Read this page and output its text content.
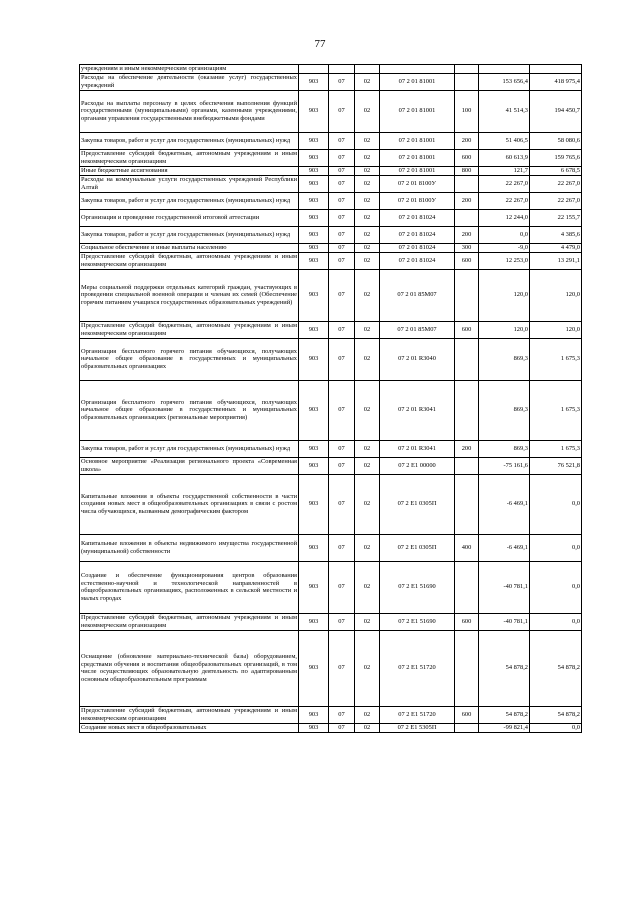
77
учреждениям и иным некоммерческим организациям							
Расходы на обеспечение деятельности (оказание услуг) государственных учреждений	903	07	02	07 2 01 81001		153 656,4	418 975,4
Расходы на выплаты персоналу в целях обеспечения выполнения функций государственными (муниципальными) органами, казенными учреждениями, органами управления государственными внебюджетными фондами	903	07	02	07 2 01 81001	100	41 514,3	194 450,7
Закупка товаров, работ и услуг для государственных (муниципальных) нужд	903	07	02	07 2 01 81001	200	51 406,5	58 080,6
Предоставление субсидий бюджетным, автономным учреждениям и иным некоммерческим организациям	903	07	02	07 2 01 81001	600	60 613,9	159 765,6
Иные бюджетные ассигнования	903	07	02	07 2 01 81001	800	121,7	6 678,5
Расходы на коммунальные услуги государственных учреждений Республики Алтай	903	07	02	07 2 01 8100У		22 267,0	22 267,0
Закупка товаров, работ и услуг для государственных (муниципальных) нужд	903	07	02	07 2 01 8100У	200	22 267,0	22 267,0
Организация и проведение государственной итоговой аттестации	903	07	02	07 2 01 81024		12 244,0	22 155,7
Закупка товаров, работ и услуг для государственных (муниципальных) нужд	903	07	02	07 2 01 81024	200	0,0	4 385,6
Социальное обеспечение и иные выплаты населению	903	07	02	07 2 01 81024	300	-9,0	4 479,0
Предоставление субсидий бюджетным, автономным учреждениям и иным некоммерческим организациям	903	07	02	07 2 01 81024	600	12 253,0	13 291,1
Меры социальной поддержки отдельных категорий граждан, участвующих в проведении специальной военной операции и членам их семей (Обеспечение горячим питанием учащихся государственных образовательных учреждений)	903	07	02	07 2 01 85М07		120,0	120,0
Предоставление субсидий бюджетным, автономным учреждениям и иным некоммерческим организациям	903	07	02	07 2 01 85М07	600	120,0	120,0
Организация бесплатного горячего питания обучающихся, получающих начальное общее образование в государственных и муниципальных образовательных организациях	903	07	02	07 2 01 R3040		869,3	1 675,3
Организация бесплатного горячего питания обучающихся, получающих начальное общее образование в государственных и муниципальных образовательных организациях (региональные мероприятия)	903	07	02	07 2 01 R3041		869,3	1 675,3
Закупка товаров, работ и услуг для государственных (муниципальных) нужд	903	07	02	07 2 01 R3041	200	869,3	1 675,3
Основное мероприятие «Реализация регионального проекта «Современная школа»	903	07	02	07 2 E1 00000		-75 161,6	76 521,8
Капитальные вложения в объекты государственной собственности в части создания новых мест в общеобразовательных организациях в связи с ростом числа обучающихся, вызванным демографическим фактором	903	07	02	07 2 E1 0305П		-6 469,1	0,0
Капитальные вложения в объекты недвижимого имущества государственной (муниципальной) собственности	903	07	02	07 2 E1 0305П	400	-6 469,1	0,0
Создание и обеспечение функционирования центров образования естественно-научной и технологической направленностей в общеобразовательных организациях, расположенных в сельской местности и малых городах	903	07	02	07 2 E1 51690		-40 781,1	0,0
Предоставление субсидий бюджетным, автономным учреждениям и иным некоммерческим организациям	903	07	02	07 2 E1 51690	600	-40 781,1	0,0
Оснащение (обновление материально-технической базы) оборудованием, средствами обучения и воспитания общеобразовательных организаций, в том числе осуществляющих образовательную деятельность по адаптированным основным общеобразовательным программам	903	07	02	07 2 E1 51720		54 878,2	54 878,2
Предоставление субсидий бюджетным, автономным учреждениям и иным некоммерческим организациям	903	07	02	07 2 E1 51720	600	54 878,2	54 878,2
Создание новых мест в общеобразовательных	903	07	02	07 2 E1 5305П		-99 821,4	0,0
